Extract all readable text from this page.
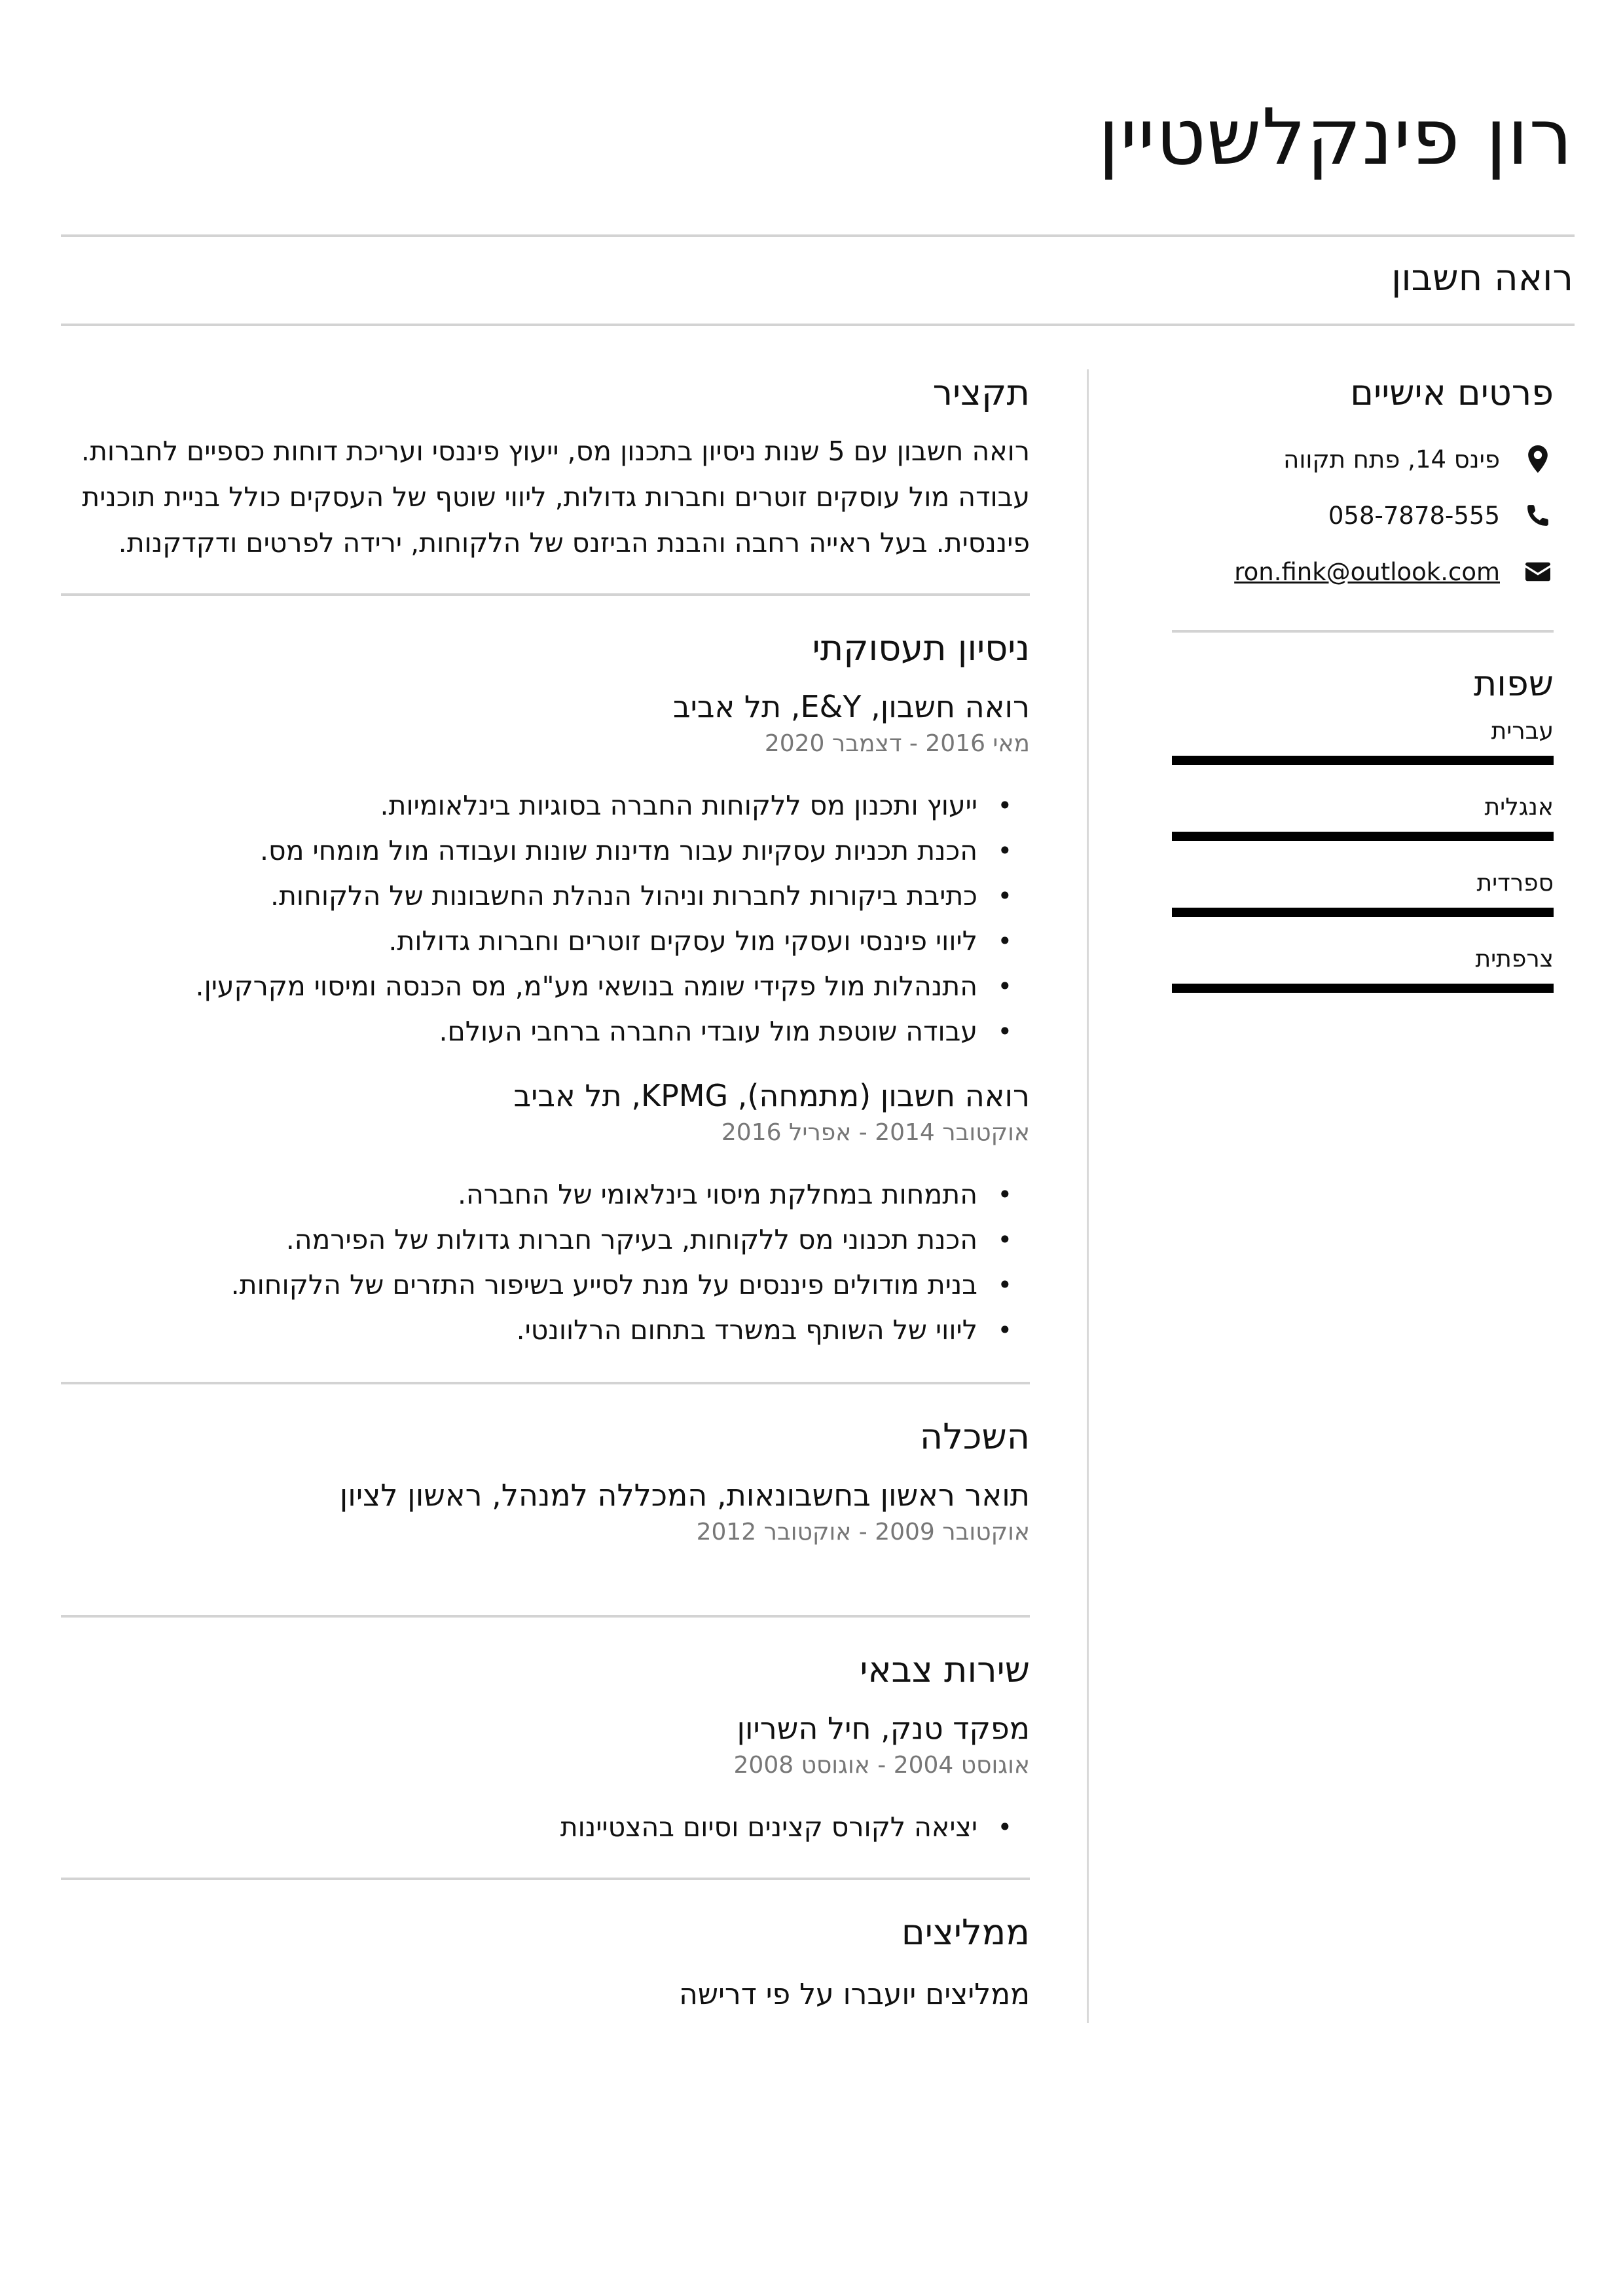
רון פינקלשטיין
רואה חשבון
פרטים אישיים
פינס 14, פתח תקווה
058-7878-555
ron.fink@outlook.com
שפות
עברית
אנגלית
ספרדית
צרפתית
תקציר
רואה חשבון עם 5 שנות ניסיון בתכנון מס, ייעוץ פיננסי ועריכת דוחות כספיים לחברות. עבודה מול עוסקים זוטרים וחברות גדולות, ליווי שוטף של העסקים כולל בניית תוכנית פיננסית. בעל ראייה רחבה והבנת הביזנס של הלקוחות, ירידה לפרטים ודקדקנות.
ניסיון תעסוקתי
רואה חשבון, E&Y, תל אביב
מאי 2016 - דצמבר 2020
• ייעוץ ותכנון מס ללקוחות החברה בסוגיות בינלאומיות.
• הכנת תכניות עסקיות עבור מדינות שונות ועבודה מול מומחי מס.
• כתיבת ביקורות לחברות וניהול הנהלת החשבונות של הלקוחות.
• ליווי פיננסי ועסקי מול עסקים זוטרים וחברות גדולות.
• התנהלות מול פקידי שומה בנושאי מע"מ, מס הכנסה ומיסוי מקרקעין.
• עבודה שוטפת מול עובדי החברה ברחבי העולם.
רואה חשבון (מתמחה), KPMG, תל אביב
אוקטובר 2014 - אפריל 2016
• התמחות במחלקת מיסוי בינלאומי של החברה.
• הכנת תכנוני מס ללקוחות, בעיקר חברות גדולות של הפירמה.
• בנית מודולים פיננסים על מנת לסייע בשיפור התזרים של הלקוחות.
• ליווי של השותף במשרד בתחום הרלוונטי.
השכלה
תואר ראשון בחשבונאות, המכללה למנהל, ראשון לציון
אוקטובר 2009 - אוקטובר 2012
שירות צבאי
מפקד טנק, חיל השריון
אוגוסט 2004 - אוגוסט 2008
• יציאה לקורס קצינים וסיום בהצטיינות
ממליצים
ממליצים יועברו על פי דרישה
